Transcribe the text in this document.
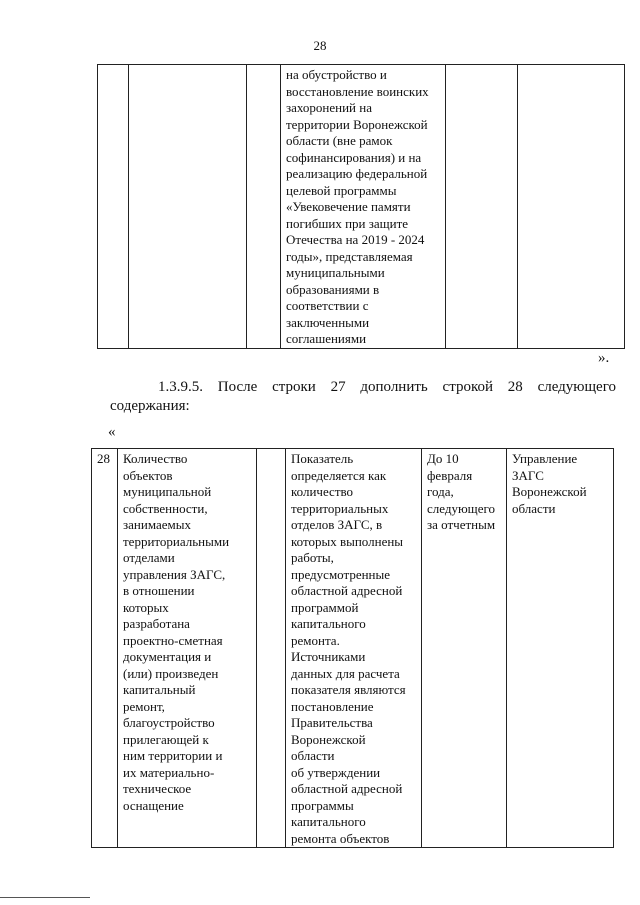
28
			на обустройство и
восстановление воинских
захоронений на
территории Воронежской
области (вне рамок
софинансирования) и на
реализацию федеральной
целевой программы
«Увековечение памяти
погибших при защите
Отечества на 2019 - 2024
годы», представляемая
муниципальными
образованиями в
соответствии с
заключенными
соглашениями		
».

1.3.9.5. После строки 27 дополнить строкой 28 следующего

содержания:

«
28	Количество
объектов
муниципальной
собственности,
занимаемых
территориальными
отделами
управления ЗАГС,
в отношении
которых
разработана
проектно-сметная
документация и
(или) произведен
капитальный
ремонт,
благоустройство
прилегающей к
ним территории и
их материально-
техническое
оснащение		Показатель
определяется как
количество
территориальных
отделов ЗАГС, в
которых выполнены
работы,
предусмотренные
областной адресной
программой
капитального
ремонта.
Источниками
данных для расчета
показателя являются
постановление
Правительства
Воронежской
области
об утверждении
областной адресной
программы
капитального
ремонта объектов	До 10
февраля
года,
следующего
за отчетным	Управление
ЗАГС
Воронежской
области
